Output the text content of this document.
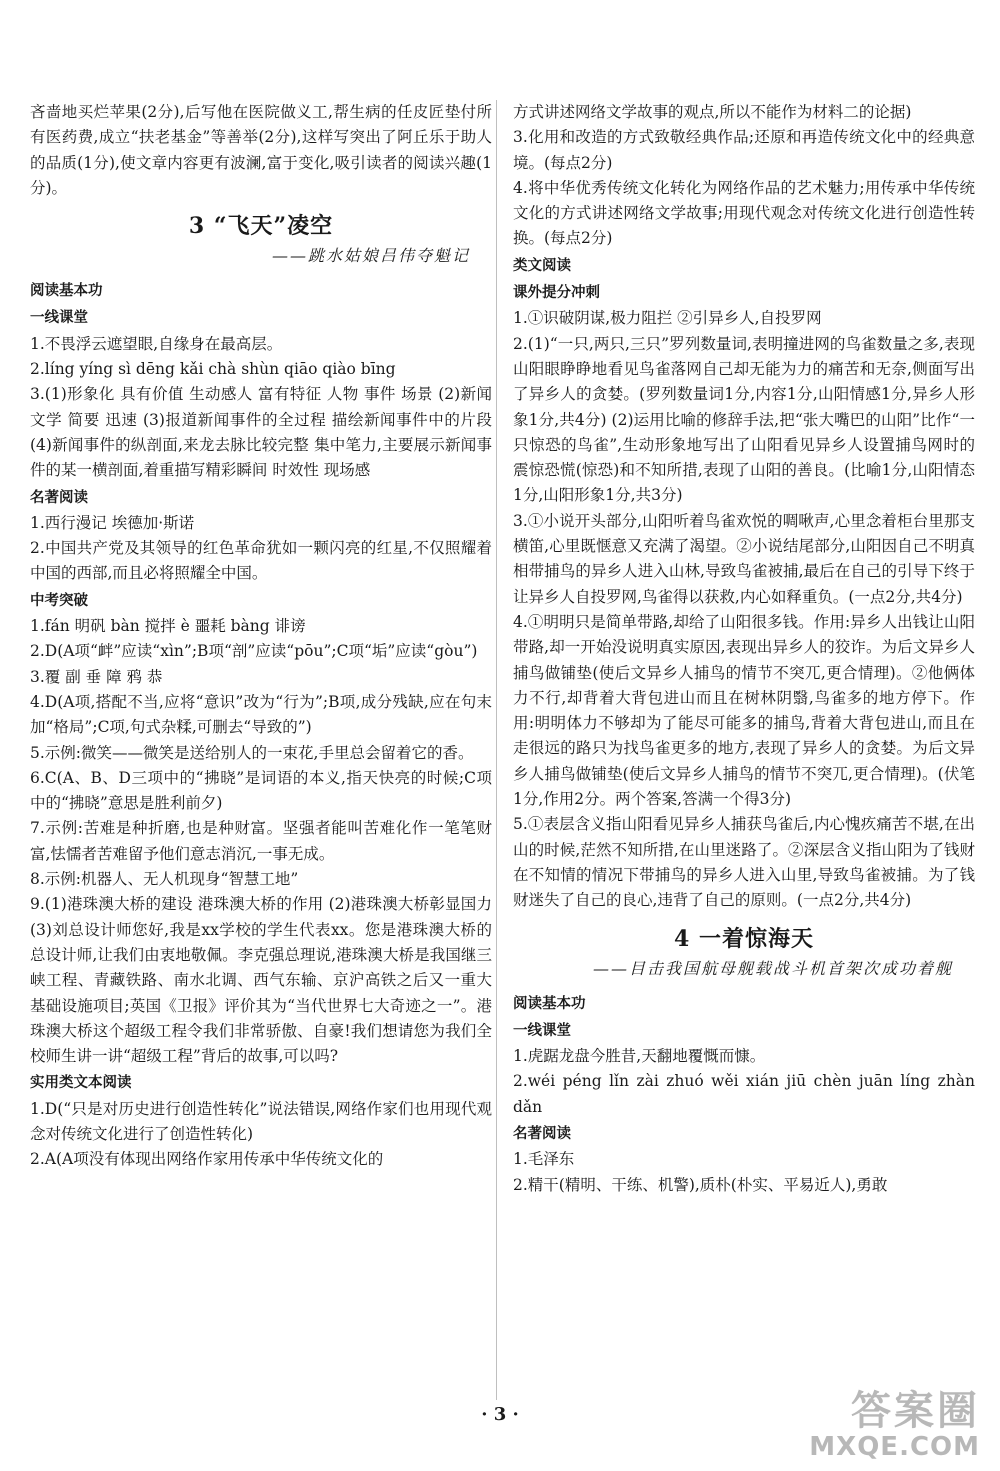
吝啬地买烂苹果(2分),后写他在医院做义工,帮生病的任皮匠垫付所有医药费,成立“扶老基金”等善举(2分),这样写突出了阿丘乐于助人的品质(1分),使文章内容更有波澜,富于变化,吸引读者的阅读兴趣(1分)。
3 “飞天”凌空
——跳水姑娘吕伟夺魁记
阅读基本功
一线课堂
1.不畏浮云遮望眼,自缘身在最高层。
2.líng yíng sì dēng kǎi chà shùn qiāo qiào bīng
3.(1)形象化 具有价值 生动感人 富有特征 人物 事件 场景 (2)新闻 文学 简要 迅速 (3)报道新闻事件的全过程 描绘新闻事件中的片段 (4)新闻事件的纵剖面,来龙去脉比较完整 集中笔力,主要展示新闻事件的某一横剖面,着重描写精彩瞬间 时效性 现场感
名著阅读
1.西行漫记 埃德加·斯诺
2.中国共产党及其领导的红色革命犹如一颗闪亮的红星,不仅照耀着中国的西部,而且必将照耀全中国。
中考突破
1.fán 明矾 bàn 搅拌 è 噩耗 bàng 诽谤
2.D(A项“衅”应读“xìn”;B项“剖”应读“pōu”;C项“垢”应读“gòu”)
3.覆 副 垂 障 鸦 恭
4.D(A项,搭配不当,应将“意识”改为“行为”;B项,成分残缺,应在句末加“格局”;C项,句式杂糅,可删去“导致的”)
5.示例:微笑——微笑是送给别人的一束花,手里总会留着它的香。
6.C(A、B、D三项中的“拂晓”是词语的本义,指天快亮的时候;C项中的“拂晓”意思是胜利前夕)
7.示例:苦难是种折磨,也是种财富。坚强者能叫苦难化作一笔笔财富,怯懦者苦难留予他们意志消沉,一事无成。
8.示例:机器人、无人机现身“智慧工地”
9.(1)港珠澳大桥的建设 港珠澳大桥的作用 (2)港珠澳大桥彰显国力 (3)刘总设计师您好,我是xx学校的学生代表xx。您是港珠澳大桥的总设计师,让我们由衷地敬佩。李克强总理说,港珠澳大桥是我国继三峡工程、青藏铁路、南水北调、西气东输、京沪高铁之后又一重大基础设施项目;英国《卫报》评价其为“当代世界七大奇迹之一”。港珠澳大桥这个超级工程令我们非常骄傲、自豪!我们想请您为我们全校师生讲一讲“超级工程”背后的故事,可以吗?
实用类文本阅读
1.D(“只是对历史进行创造性转化”说法错误,网络作家们也用现代观念对传统文化进行了创造性转化)
2.A(A项没有体现出网络作家用传承中华传统文化的
方式讲述网络文学故事的观点,所以不能作为材料二的论据)
3.化用和改造的方式致敬经典作品;还原和再造传统文化中的经典意境。(每点2分)
4.将中华优秀传统文化转化为网络作品的艺术魅力;用传承中华传统文化的方式讲述网络文学故事;用现代观念对传统文化进行创造性转换。(每点2分)
类文阅读
课外提分冲刺
1.①识破阴谋,极力阻拦 ②引异乡人,自投罗网
2.(1)“一只,两只,三只”罗列数量词,表明撞进网的鸟雀数量之多,表现山阳眼睁睁地看见鸟雀落网自己却无能为力的痛苦和无奈,侧面写出了异乡人的贪婪。(罗列数量词1分,内容1分,山阳情感1分,异乡人形象1分,共4分) (2)运用比喻的修辞手法,把“张大嘴巴的山阳”比作“一只惊恐的鸟雀”,生动形象地写出了山阳看见异乡人设置捕鸟网时的震惊恐慌(惊恐)和不知所措,表现了山阳的善良。(比喻1分,山阳情态1分,山阳形象1分,共3分)
3.①小说开头部分,山阳听着鸟雀欢悦的啁啾声,心里念着柜台里那支横笛,心里既惬意又充满了渴望。②小说结尾部分,山阳因自己不明真相带捕鸟的异乡人进入山林,导致鸟雀被捕,最后在自己的引导下终于让异乡人自投罗网,鸟雀得以获救,内心如释重负。(一点2分,共4分)
4.①明明只是简单带路,却给了山阳很多钱。作用:异乡人出钱让山阳带路,却一开始没说明真实原因,表现出异乡人的狡诈。为后文异乡人捕鸟做铺垫(使后文异乡人捕鸟的情节不突兀,更合情理)。②他俩体力不行,却背着大背包进山而且在树林阴翳,鸟雀多的地方停下。作用:明明体力不够却为了能尽可能多的捕鸟,背着大背包进山,而且在走很远的路只为找鸟雀更多的地方,表现了异乡人的贪婪。为后文异乡人捕鸟做铺垫(使后文异乡人捕鸟的情节不突兀,更合情理)。(伏笔1分,作用2分。两个答案,答满一个得3分)
5.①表层含义指山阳看见异乡人捕获鸟雀后,内心愧疚痛苦不堪,在出山的时候,茫然不知所措,在山里迷路了。②深层含义指山阳为了钱财在不知情的情况下带捕鸟的异乡人进入山里,导致鸟雀被捕。为了钱财迷失了自己的良心,违背了自己的原则。(一点2分,共4分)
4 一着惊海天
——目击我国航母舰载战斗机首架次成功着舰
阅读基本功
一线课堂
1.虎踞龙盘今胜昔,天翻地覆慨而慷。
2.wéi péng lǐn zài zhuó wěi xián jiū chèn juān líng zhàn dǎn
名著阅读
1.毛泽东
2.精干(精明、干练、机警),质朴(朴实、平易近人),勇敢
· 3 ·	答案圈
MXQE.COM
